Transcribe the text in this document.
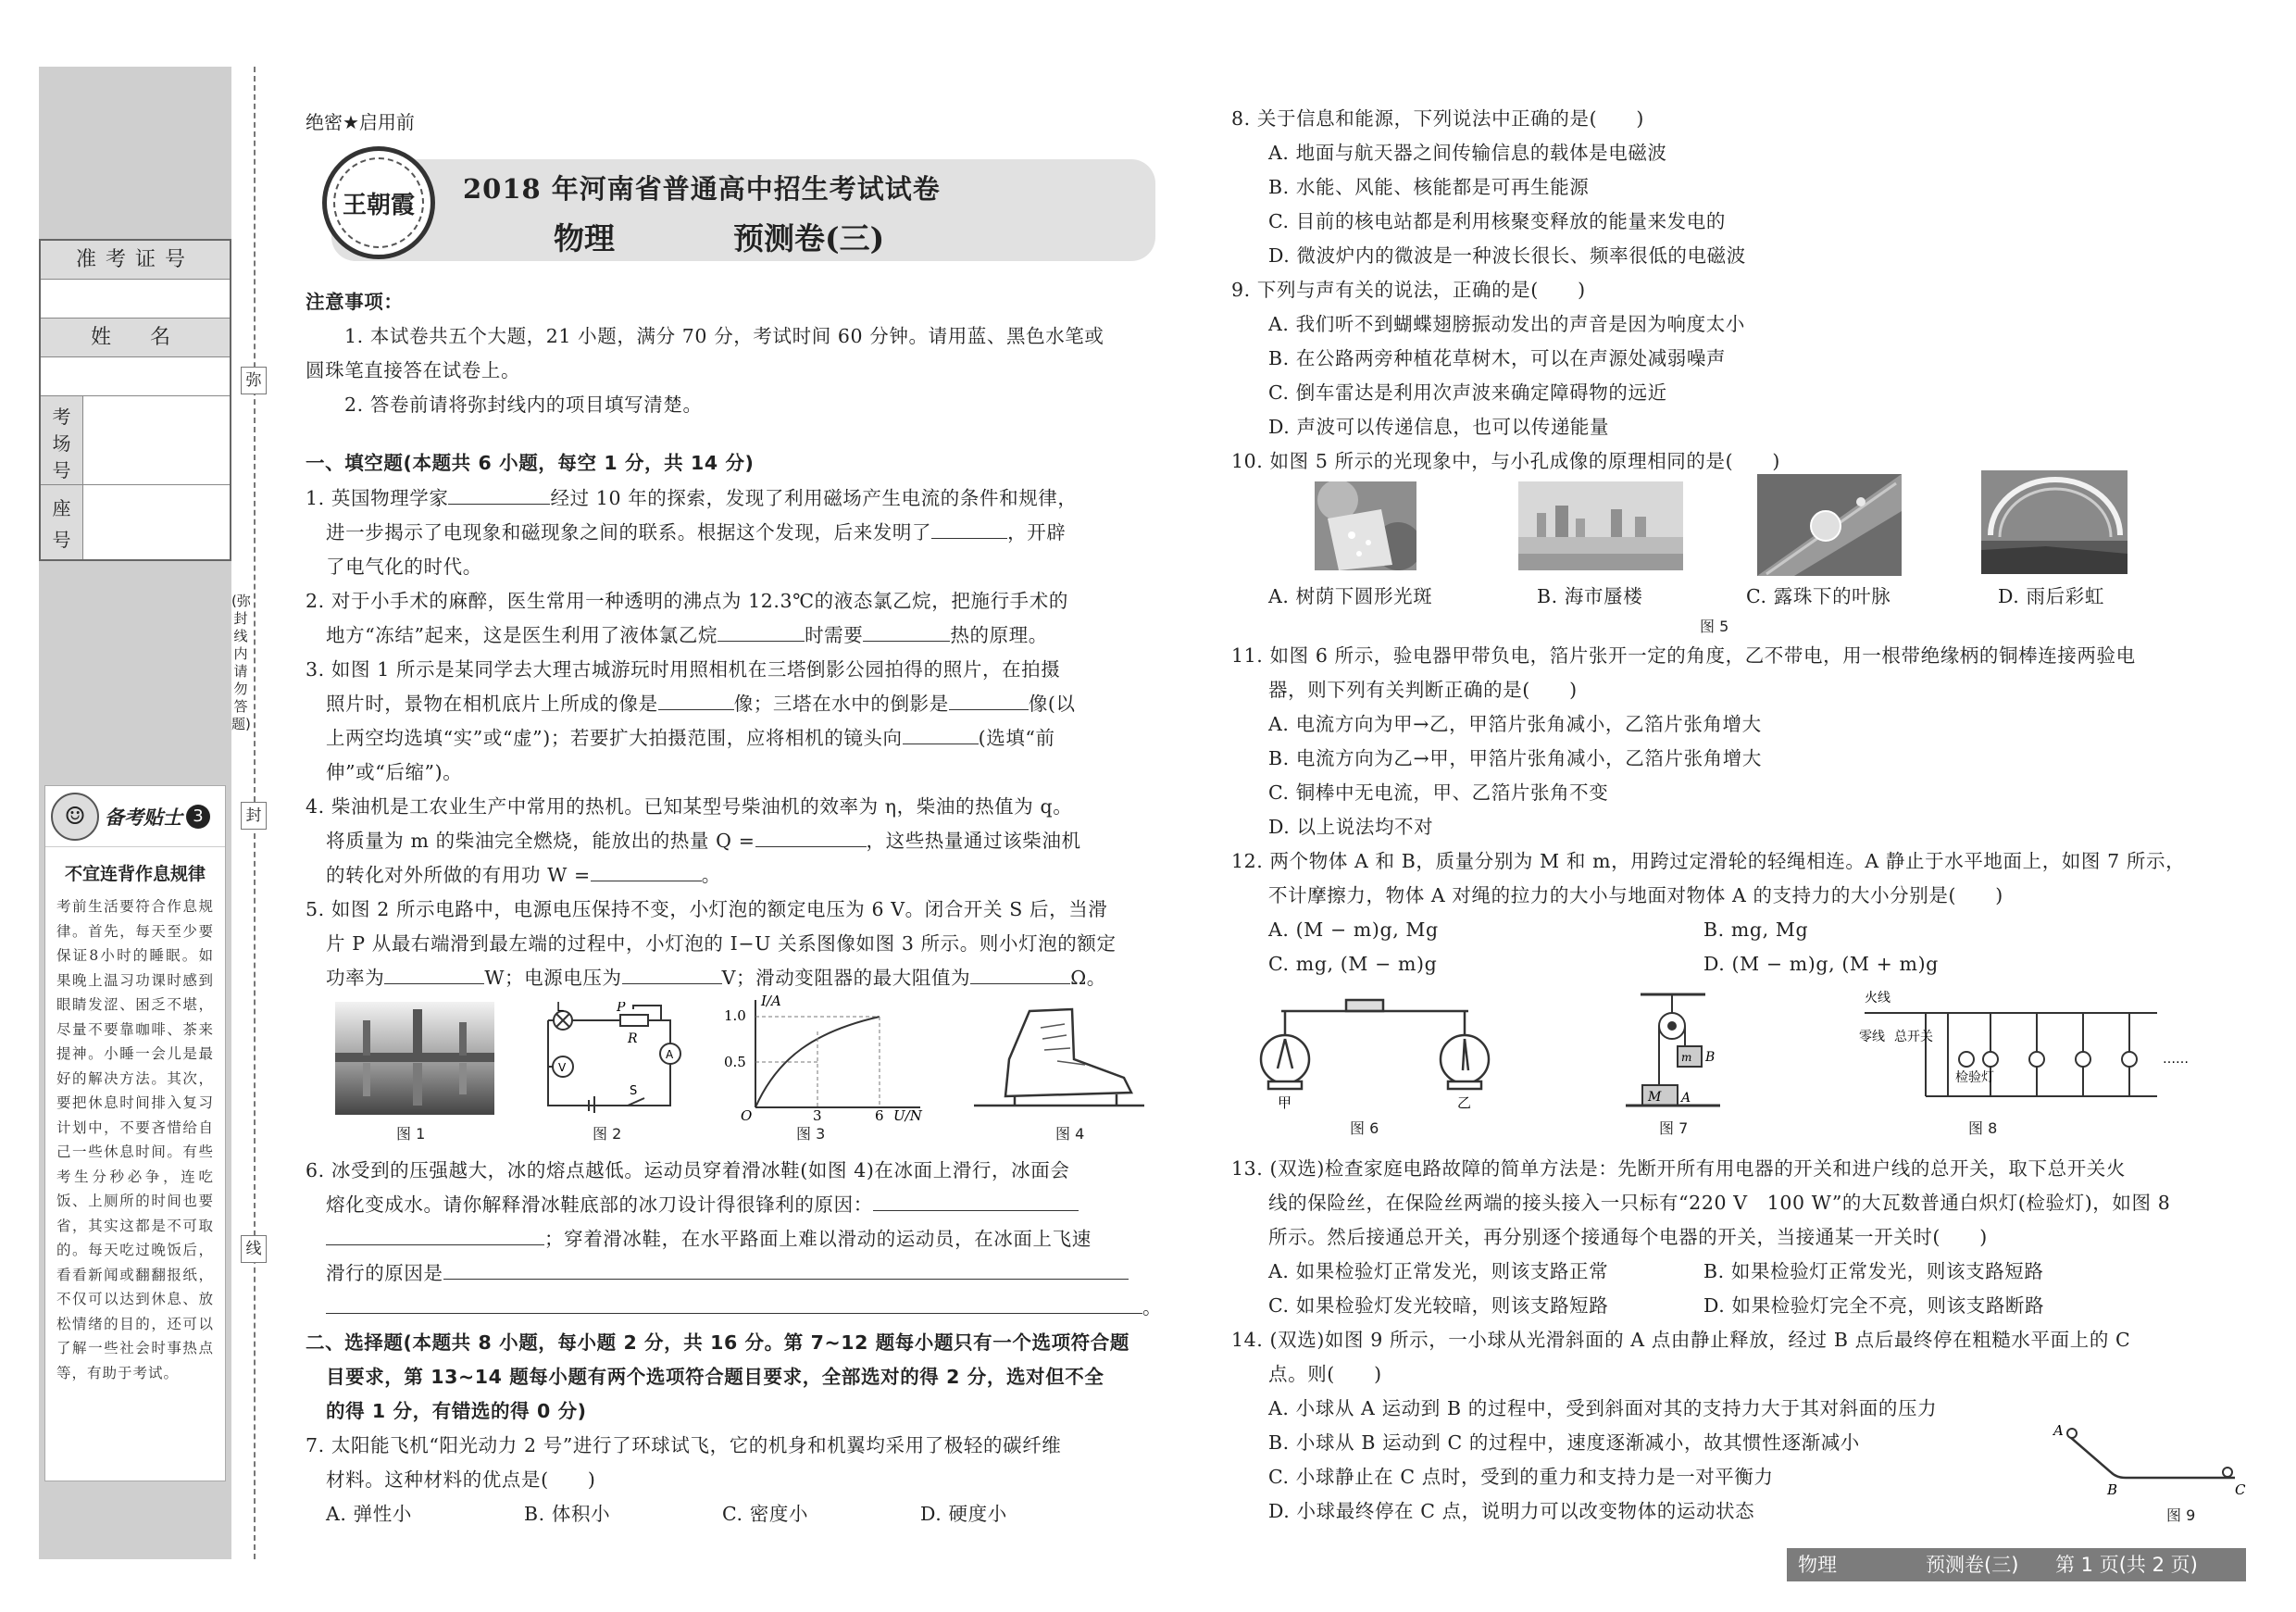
准考证号
姓　名
考
场
号
座
号
☺ 备考贴士 3
不宜连背作息规律
考前生活要符合作息规律。首先，每天至少要保证8小时的睡眠。如果晚上温习功课时感到眼睛发涩、困乏不堪，尽量不要靠咖啡、茶来提神。小睡一会儿是最好的解决方法。其次，要把休息时间排入复习计划中，不要吝惜给自己一些休息时间。有些考生分秒必争，连吃饭、上厕所的时间也要省，其实这都是不可取的。每天吃过晚饭后，看看新闻或翻翻报纸，不仅可以达到休息、放松情绪的目的，还可以了解一些社会时事热点等，有助于考试。
弥
封
线
(弥封线内请勿答题)
绝密★启用前
王朝霞
2018 年河南省普通高中招生考试试卷
物理	预测卷(三)
注意事项：
1. 本试卷共五个大题，21 小题，满分 70 分，考试时间 60 分钟。请用蓝、黑色水笔或
圆珠笔直接答在试卷上。
2. 答卷前请将弥封线内的项目填写清楚。
一、填空题(本题共 6 小题，每空 1 分，共 14 分)
1. 英国物理学家	经过 10 年的探索，发现了利用磁场产生电流的条件和规律，
进一步揭示了电现象和磁现象之间的联系。根据这个发现，后来发明了	，开辟
了电气化的时代。
2. 对于小手术的麻醉，医生常用一种透明的沸点为 12.3℃的液态氯乙烷，把施行手术的
地方“冻结”起来，这是医生利用了液体氯乙烷	时需要	热的原理。
3. 如图 1 所示是某同学去大理古城游玩时用照相机在三塔倒影公园拍得的照片，在拍摄
照片时，景物在相机底片上所成的像是	像；三塔在水中的倒影是	像(以
上两空均选填“实”或“虚”)；若要扩大拍摄范围，应将相机的镜头向	(选填“前
伸”或“后缩”)。
4. 柴油机是工农业生产中常用的热机。已知某型号柴油机的效率为 η，柴油的热值为 q。
将质量为 m 的柴油完全燃烧，能放出的热量 Q =	，这些热量通过该柴油机
的转化对外所做的有用功 W =	。
5. 如图 2 所示电路中，电源电压保持不变，小灯泡的额定电压为 6 V。闭合开关 S 后，当滑
片 P 从最右端滑到最左端的过程中，小灯泡的 I−U 关系图像如图 3 所示。则小灯泡的额定
功率为	W；电源电压为	V；滑动变阻器的最大阻值为	Ω。
图 1
L	P
R
A
V
S
图 2
I/A
1.0
0.5
O	3	6 U/N
图 3	图 4
6. 冰受到的压强越大，冰的熔点越低。运动员穿着滑冰鞋(如图 4)在冰面上滑行，冰面会
熔化变成水。请你解释滑冰鞋底部的冰刀设计得很锋利的原因：
；穿着滑冰鞋，在水平路面上难以滑动的运动员，在冰面上飞速
滑行的原因是
。
二、选择题(本题共 8 小题，每小题 2 分，共 16 分。第 7~12 题每小题只有一个选项符合题
目要求，第 13~14 题每小题有两个选项符合题目要求，全部选对的得 2 分，选对但不全
的得 1 分，有错选的得 0 分)
7. 太阳能飞机“阳光动力 2 号”进行了环球试飞，它的机身和机翼均采用了极轻的碳纤维
材料。这种材料的优点是(　　)
A. 弹性小	B. 体积小	C. 密度小	D. 硬度小
8. 关于信息和能源，下列说法中正确的是(　　)
A. 地面与航天器之间传输信息的载体是电磁波
B. 水能、风能、核能都是可再生能源
C. 目前的核电站都是利用核聚变释放的能量来发电的
D. 微波炉内的微波是一种波长很长、频率很低的电磁波
9. 下列与声有关的说法，正确的是(　　)
A. 我们听不到蝴蝶翅膀振动发出的声音是因为响度太小
B. 在公路两旁种植花草树木，可以在声源处减弱噪声
C. 倒车雷达是利用次声波来确定障碍物的远近
D. 声波可以传递信息，也可以传递能量
10. 如图 5 所示的光现象中，与小孔成像的原理相同的是(　　)
A. 树荫下圆形光斑	B. 海市蜃楼	C. 露珠下的叶脉	D. 雨后彩虹
图 5
11. 如图 6 所示，验电器甲带负电，箔片张开一定的角度，乙不带电，用一根带绝缘柄的铜棒连接两验电
器，则下列有关判断正确的是(　　)
A. 电流方向为甲→乙，甲箔片张角减小，乙箔片张角增大
B. 电流方向为乙→甲，甲箔片张角减小，乙箔片张角增大
C. 铜棒中无电流，甲、乙箔片张角不变
D. 以上说法均不对
12. 两个物体 A 和 B，质量分别为 M 和 m，用跨过定滑轮的轻绳相连。A 静止于水平地面上，如图 7 所示，
不计摩擦力，物体 A 对绳的拉力的大小与地面对物体 A 的支持力的大小分别是(　　)
A. (M − m)g, Mg	B. mg, Mg
C. mg, (M − m)g	D. (M − m)g, (M + m)g
甲	乙
图 6
M A
m B
图 7
火线
零线 总开关
检验灯
……
图 8
13. (双选)检查家庭电路故障的简单方法是：先断开所有用电器的开关和进户线的总开关，取下总开关火
线的保险丝，在保险丝两端的接头接入一只标有“220 V　100 W”的大瓦数普通白炽灯(检验灯)，如图 8
所示。然后接通总开关，再分别逐个接通每个电器的开关，当接通某一开关时(　　)
A. 如果检验灯正常发光，则该支路正常	B. 如果检验灯正常发光，则该支路短路
C. 如果检验灯发光较暗，则该支路短路	D. 如果检验灯完全不亮，则该支路断路
14. (双选)如图 9 所示，一小球从光滑斜面的 A 点由静止释放，经过 B 点后最终停在粗糙水平面上的 C
点。则(　　)
A. 小球从 A 运动到 B 的过程中，受到斜面对其的支持力大于其对斜面的压力
B. 小球从 B 运动到 C 的过程中，速度逐渐减小，故其惯性逐渐减小
C. 小球静止在 C 点时，受到的重力和支持力是一对平衡力
D. 小球最终停在 C 点，说明力可以改变物体的运动状态
A
B	C
图 9
物理	预测卷(三) 第 1 页(共 2 页)
